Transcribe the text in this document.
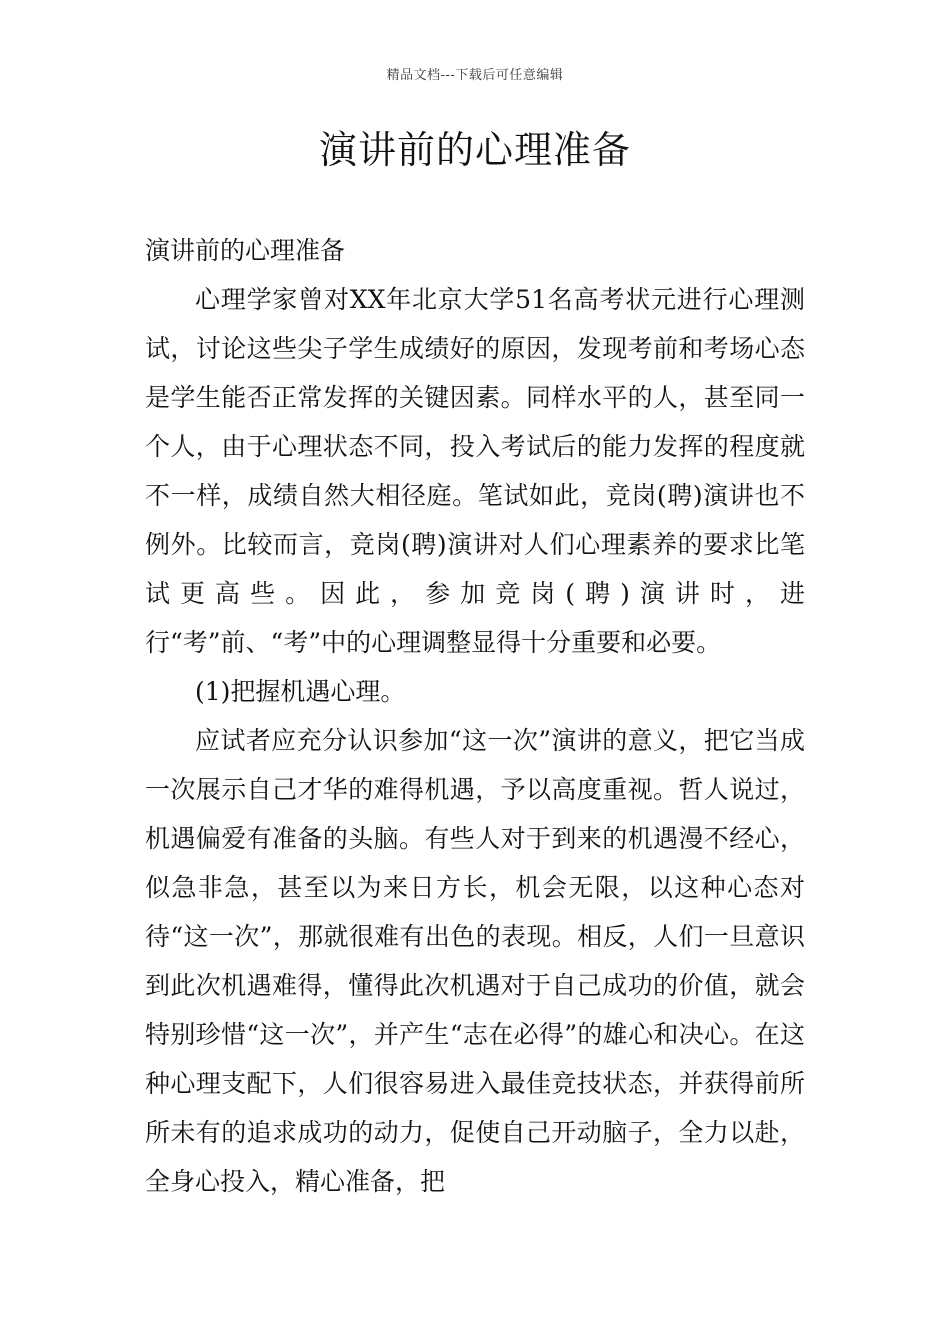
精品文档---下载后可任意编辑
演讲前的心理准备

演讲前的心理准备

心理学家曾对XX年北京大学51名高考状元进行心理测试，讨论这些尖子学生成绩好的原因，发现考前和考场心态是学生能否正常发挥的关键因素。同样水平的人，甚至同一个人，由于心理状态不同，投入考试后的能力发挥的程度就不一样，成绩自然大相径庭。笔试如此，竞岗(聘)演讲也不例外。比较而言，竞岗(聘)演讲对人们心理素养的要求比笔试更高些。因此，参加竞岗(聘)演讲时，进行“考”前、“考”中的心理调整显得十分重要和必要。

(1)把握机遇心理。

应试者应充分认识参加“这一次”演讲的意义，把它当成一次展示自己才华的难得机遇，予以高度重视。哲人说过，机遇偏爱有准备的头脑。有些人对于到来的机遇漫不经心，似急非急，甚至以为来日方长，机会无限，以这种心态对待“这一次”，那就很难有出色的表现。相反，人们一旦意识到此次机遇难得，懂得此次机遇对于自己成功的价值，就会特别珍惜“这一次”，并产生“志在必得”的雄心和决心。在这种心理支配下，人们很容易进入最佳竞技状态，并获得前所所未有的追求成功的动力，促使自己开动脑子，全力以赴，全身心投入，精心准备，把
